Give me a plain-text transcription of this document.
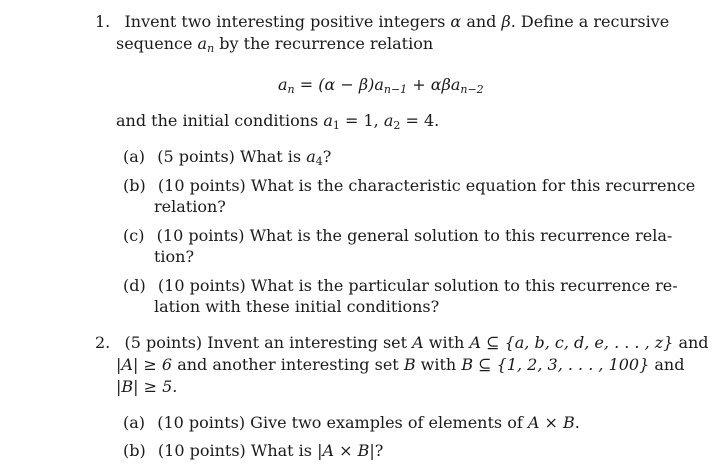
1. Invent two interesting positive integers α and β. Define a recursive
sequence $a_n$ by the recurrence relation
$a_n = (\alpha - \beta)a_{n-1} + \alpha\beta a_{n-2}$
and the initial conditions $a_1 = 1$, $a_2 = 4$.
(a) (5 points) What is $a_4$?
(b) (10 points) What is the characteristic equation for this recurrence
relation?
(c) (10 points) What is the general solution to this recurrence rela-
tion?
(d) (10 points) What is the particular solution to this recurrence re-
lation with these initial conditions?
2. (5 points) Invent an interesting set A with A ⊆ {a, b, c, d, e, . . . , z} and
|A| ≥ 6 and another interesting set B with B ⊆ {1, 2, 3, . . . , 100} and
|B| ≥ 5.
(a) (10 points) Give two examples of elements of A × B.
(b) (10 points) What is |A × B|?
